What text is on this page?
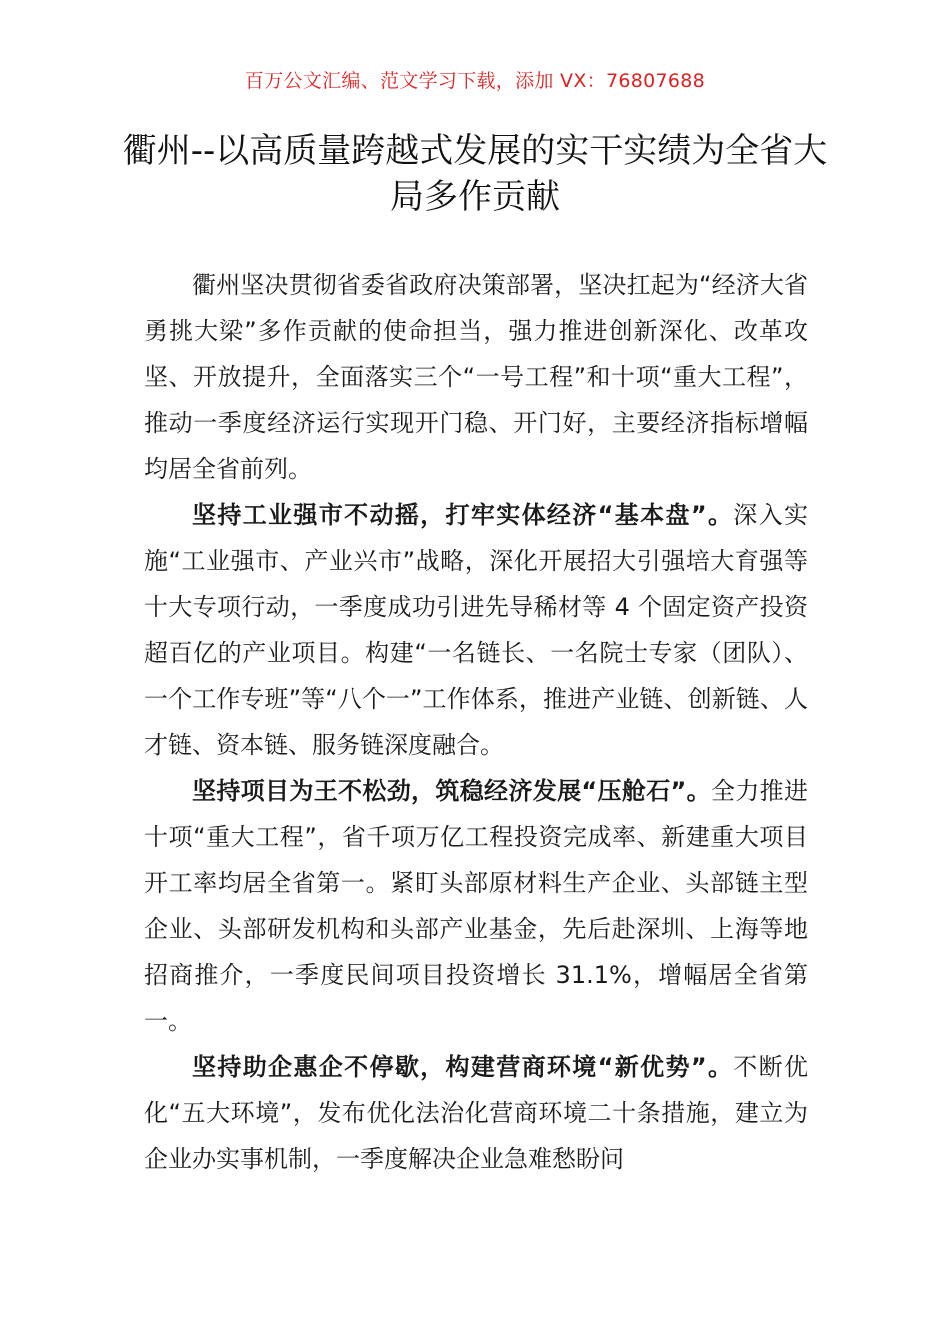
百万公文汇编、范文学习下载，添加 VX：76807688
衢州--以高质量跨越式发展的实干实绩为全省大局多作贡献

衢州坚决贯彻省委省政府决策部署，坚决扛起为“经济大省勇挑大梁”多作贡献的使命担当，强力推进创新深化、改革攻坚、开放提升，全面落实三个“一号工程”和十项“重大工程”，推动一季度经济运行实现开门稳、开门好，主要经济指标增幅均居全省前列。

坚持工业强市不动摇，打牢实体经济“基本盘”。深入实施“工业强市、产业兴市”战略，深化开展招大引强培大育强等十大专项行动，一季度成功引进先导稀材等 4 个固定资产投资超百亿的产业项目。构建“一名链长、一名院士专家（团队）、一个工作专班”等“八个一”工作体系，推进产业链、创新链、人才链、资本链、服务链深度融合。

坚持项目为王不松劲，筑稳经济发展“压舱石”。全力推进十项“重大工程”，省千项万亿工程投资完成率、新建重大项目开工率均居全省第一。紧盯头部原材料生产企业、头部链主型企业、头部研发机构和头部产业基金，先后赴深圳、上海等地招商推介，一季度民间项目投资增长 31.1%，增幅居全省第一。

坚持助企惠企不停歇，构建营商环境“新优势”。不断优化“五大环境”，发布优化法治化营商环境二十条措施，建立为企业办实事机制，一季度解决企业急难愁盼问
